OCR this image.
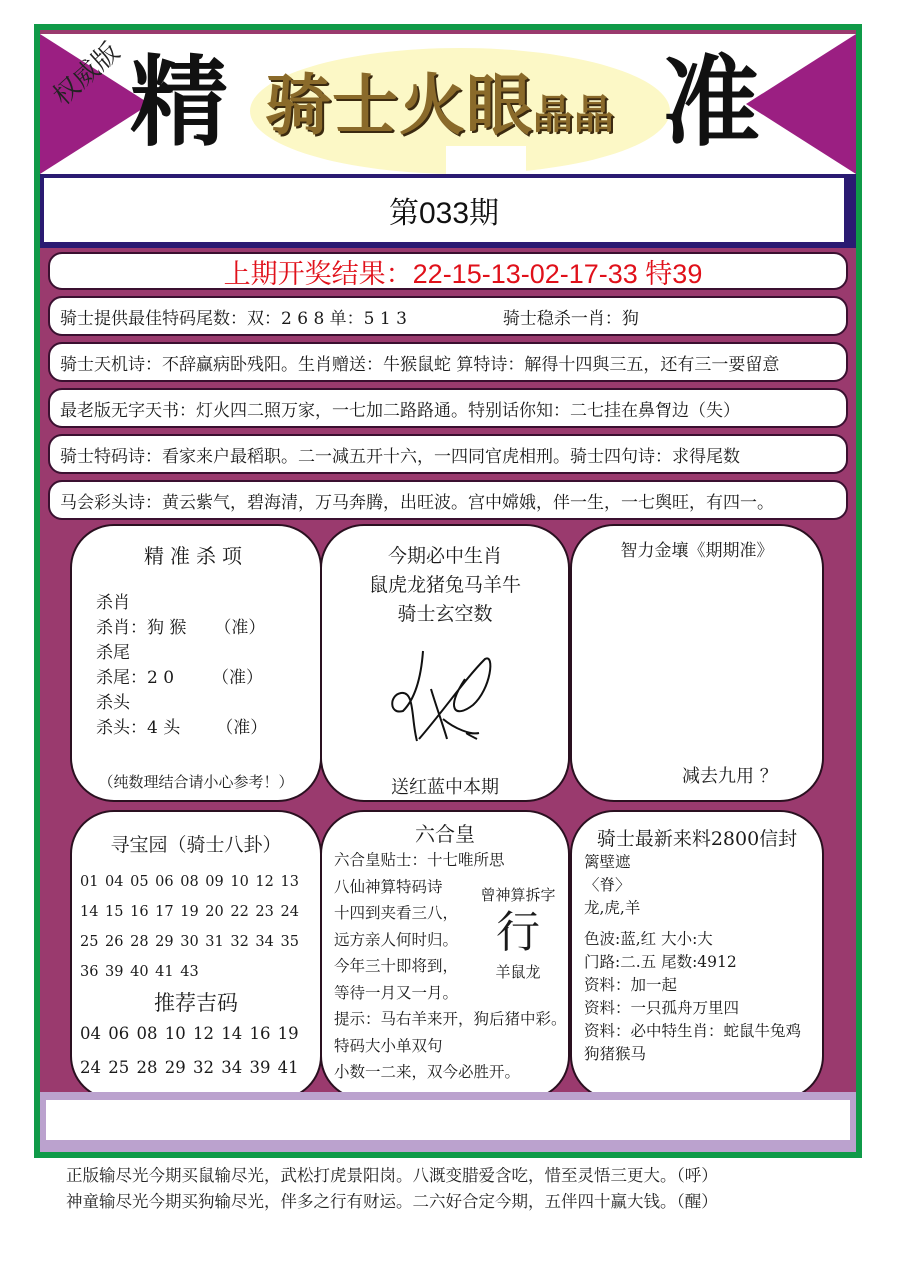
权威版 精 骑士火眼晶晶 准
第033期
上期开奖结果：22-15-13-02-17-33 特39
骑士提供最佳特码尾数：双：2 6 8 单：5 1 3	骑士稳杀一肖：狗
骑士天机诗：不辞赢病卧残阳。生肖赠送：牛猴鼠蛇 算特诗：解得十四與三五，还有三一要留意
最老版无字天书：灯火四二照万家，一七加二路路通。特别话你知：二七挂在鼻胷边（失）
骑士特码诗：看家来户最稻职。二一减五开十六，一四同官虎相刑。骑士四句诗：求得尾数
马会彩头诗：黄云紫气，碧海清，万马奔腾，出旺波。宫中嫦娥，伴一生，一七舆旺，有四一。
精准杀项
杀肖
杀肖：狗 猴 （准）
杀尾
杀尾：2 0 （准）
杀头
杀头：4 头 （准）
（纯数理结合请小心参考！）
今期必中生肖
鼠虎龙猪兔马羊牛
骑士玄空数
送红蓝中本期
智力金壤《期期准》
减去九用 ？
寻宝园（骑士八卦）
01 04 05 06 08 09 10 12 13
14 15 16 17 19 20 22 23 24
25 26 28 29 30 31 32 34 35
36 39 40 41 43
推荐吉码
04 06 08 10 12 14 16 19
24 25 28 29 32 34 39 41
六合皇
六合皇贴士：十七唯所思
八仙神算特码诗
十四到夹看三八，
远方亲人何时归。
今年三十即将到，
等待一月又一月。
提示：马右羊来开，狗后猪中彩。
特码大小单双句
小数一二来，双今必胜开。
曾神算拆字
行
羊鼠龙
骑士最新来料2800信封
篱壁遮
〈脊〉
龙,虎,羊
色波:蓝,红 大小:大
门路:二.五 尾数:4912
资料：加一起
资料：一只孤舟万里四
资料：必中特生肖：蛇鼠牛兔鸡
狗猪猴马
正版输尽光今期买鼠输尽光，武松打虎景阳岗。八溉变腊爱含吃，惜至灵悟三更大。（呼）
神童输尽光今期买狗输尽光，伴多之行有财运。二六好合定今期，五伴四十赢大钱。（醒）
